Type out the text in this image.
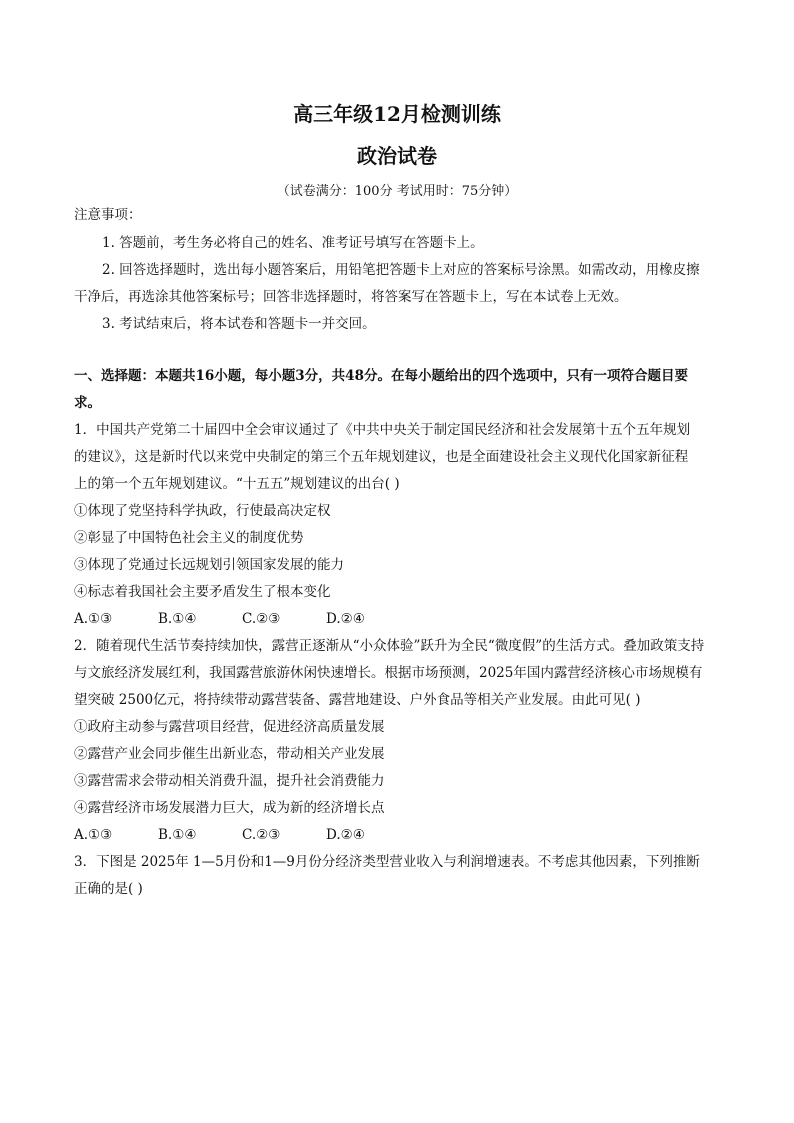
高三年级12月检测训练
政治试卷
（试卷满分：100分 考试用时：75分钟）
注意事项：
1. 答题前，考生务必将自己的姓名、准考证号填写在答题卡上。
2. 回答选择题时，选出每小题答案后，用铅笔把答题卡上对应的答案标号涂黑。如需改动，用橡皮擦
干净后，再选涂其他答案标号；回答非选择题时，将答案写在答题卡上，写在本试卷上无效。
3. 考试结束后，将本试卷和答题卡一并交回。
一、选择题：本题共16小题，每小题3分，共48分。在每小题给出的四个选项中，只有一项符合题目要
求。
1．中国共产党第二十届四中全会审议通过了《中共中央关于制定国民经济和社会发展第十五个五年规划
的建议》，这是新时代以来党中央制定的第三个五年规划建议，也是全面建设社会主义现代化国家新征程
上的第一个五年规划建议。“十五五”规划建议的出台( )
①体现了党坚持科学执政，行使最高决定权
②彰显了中国特色社会主义的制度优势
③体现了党通过长远规划引领国家发展的能力
④标志着我国社会主要矛盾发生了根本变化
A.①③	B.①④	C.②③	D.②④
2．随着现代生活节奏持续加快，露营正逐渐从“小众体验”跃升为全民“微度假”的生活方式。叠加政策支持
与文旅经济发展红利，我国露营旅游休闲快速增长。根据市场预测，2025年国内露营经济核心市场规模有
望突破 2500亿元，将持续带动露营装备、露营地建设、户外食品等相关产业发展。由此可见( )
①政府主动参与露营项目经营，促进经济高质量发展
②露营产业会同步催生出新业态，带动相关产业发展
③露营需求会带动相关消费升温，提升社会消费能力
④露营经济市场发展潜力巨大，成为新的经济增长点
A.①③	B.①④	C.②③	D.②④
3．下图是 2025年 1—5月份和1—9月份分经济类型营业收入与利润增速表。不考虑其他因素，下列推断
正确的是( )
